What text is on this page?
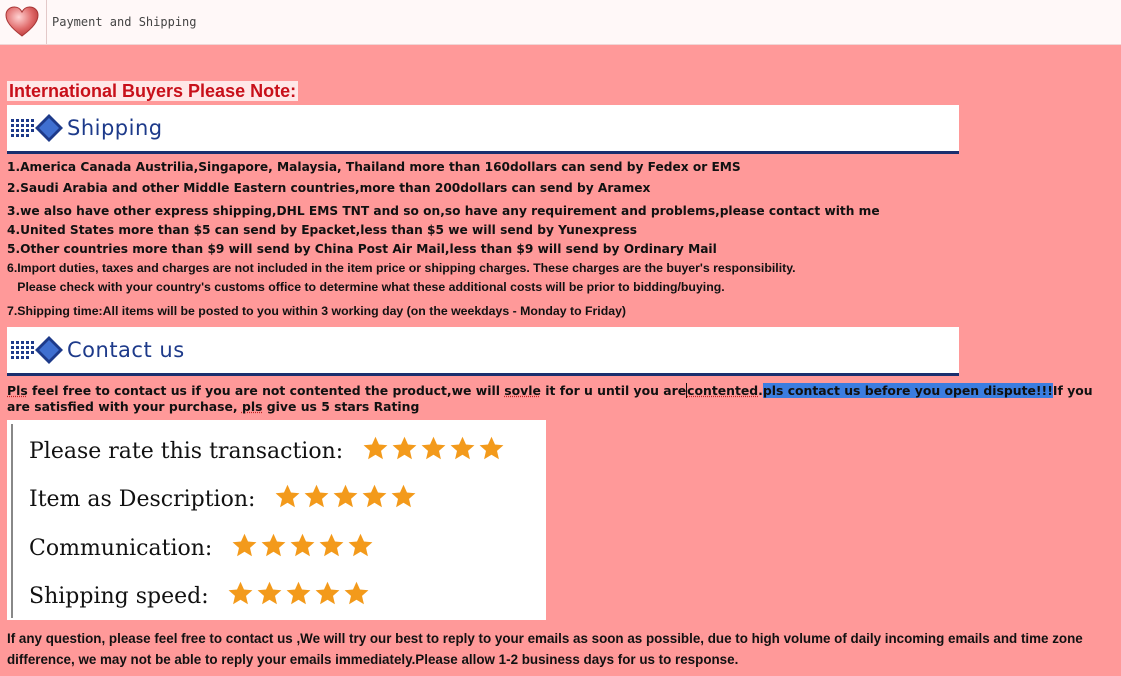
Payment and Shipping
International Buyers Please Note:
Shipping
1.America Canada Austrilia,Singapore, Malaysia, Thailand more than 160dollars can send by Fedex or EMS
2.Saudi Arabia and other Middle Eastern countries,more than 200dollars can send by Aramex
3.we also have other express shipping,DHL EMS TNT and so on,so have any requirement and problems,please contact with me
4.United States more than $5 can send by Epacket,less than $5 we will send by Yunexpress
5.Other countries more than $9 will send by China Post Air Mail,less than $9 will send by Ordinary Mail
6.Import duties, taxes and charges are not included in the item price or shipping charges. These charges are the buyer's responsibility.
Please check with your country's customs office to determine what these additional costs will be prior to bidding/buying.
7.Shipping time:All items will be posted to you within 3 working day (on the weekdays - Monday to Friday)
Contact us
Pls feel free to contact us if you are not contented the product,we will sovle it for u until you arecontented.pls contact us before you open dispute!!!If you are satisfied with your purchase, pls give us 5 stars Rating
Please rate this transaction:
Item as Description:
Communication:
Shipping speed:
If any question, please feel free to contact us ,We will try our best to reply to your emails as soon as possible, due to high volume of daily incoming emails and time zone difference, we may not be able to reply your emails immediately.Please allow 1-2 business days for us to response.
